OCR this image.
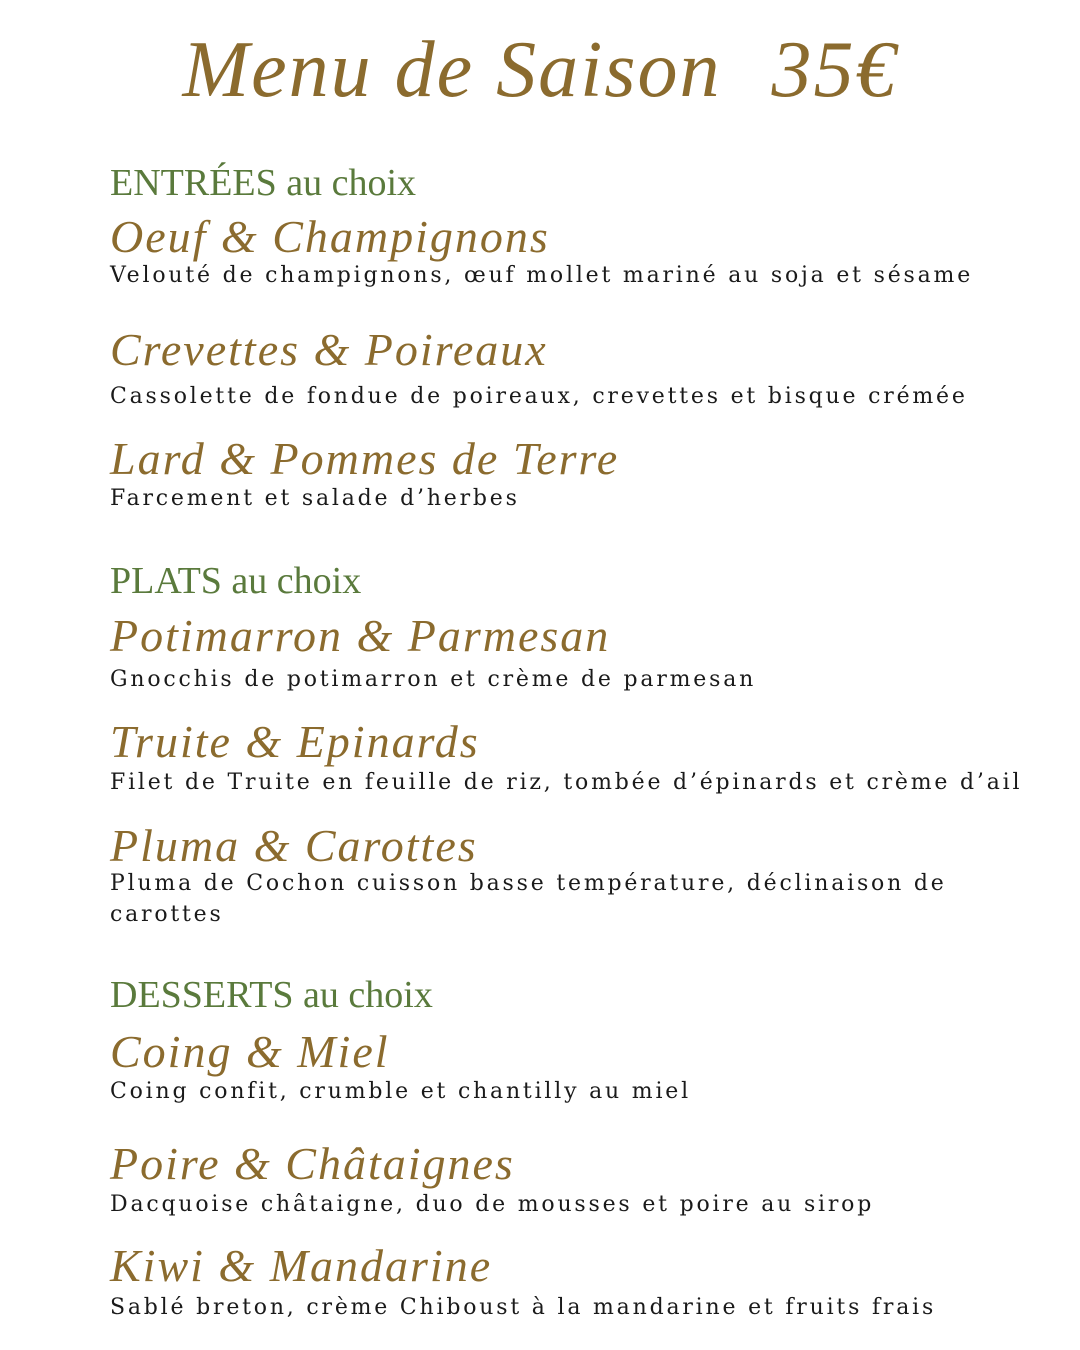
Menu de Saison 35€
ENTRÉES au choix
Oeuf & Champignons
Velouté de champignons, œuf mollet mariné au soja et sésame
Crevettes & Poireaux
Cassolette de fondue de poireaux, crevettes et bisque crémée
Lard & Pommes de Terre
Farcement et salade d’herbes
PLATS au choix
Potimarron & Parmesan
Gnocchis de potimarron et crème de parmesan
Truite & Epinards
Filet de Truite en feuille de riz, tombée d’épinards et crème d’ail
Pluma & Carottes
Pluma de Cochon cuisson basse température, déclinaison de carottes
DESSERTS au choix
Coing & Miel
Coing confit, crumble et chantilly au miel
Poire & Châtaignes
Dacquoise châtaigne, duo de mousses et poire au sirop
Kiwi & Mandarine
Sablé breton, crème Chiboust à la mandarine et fruits frais
